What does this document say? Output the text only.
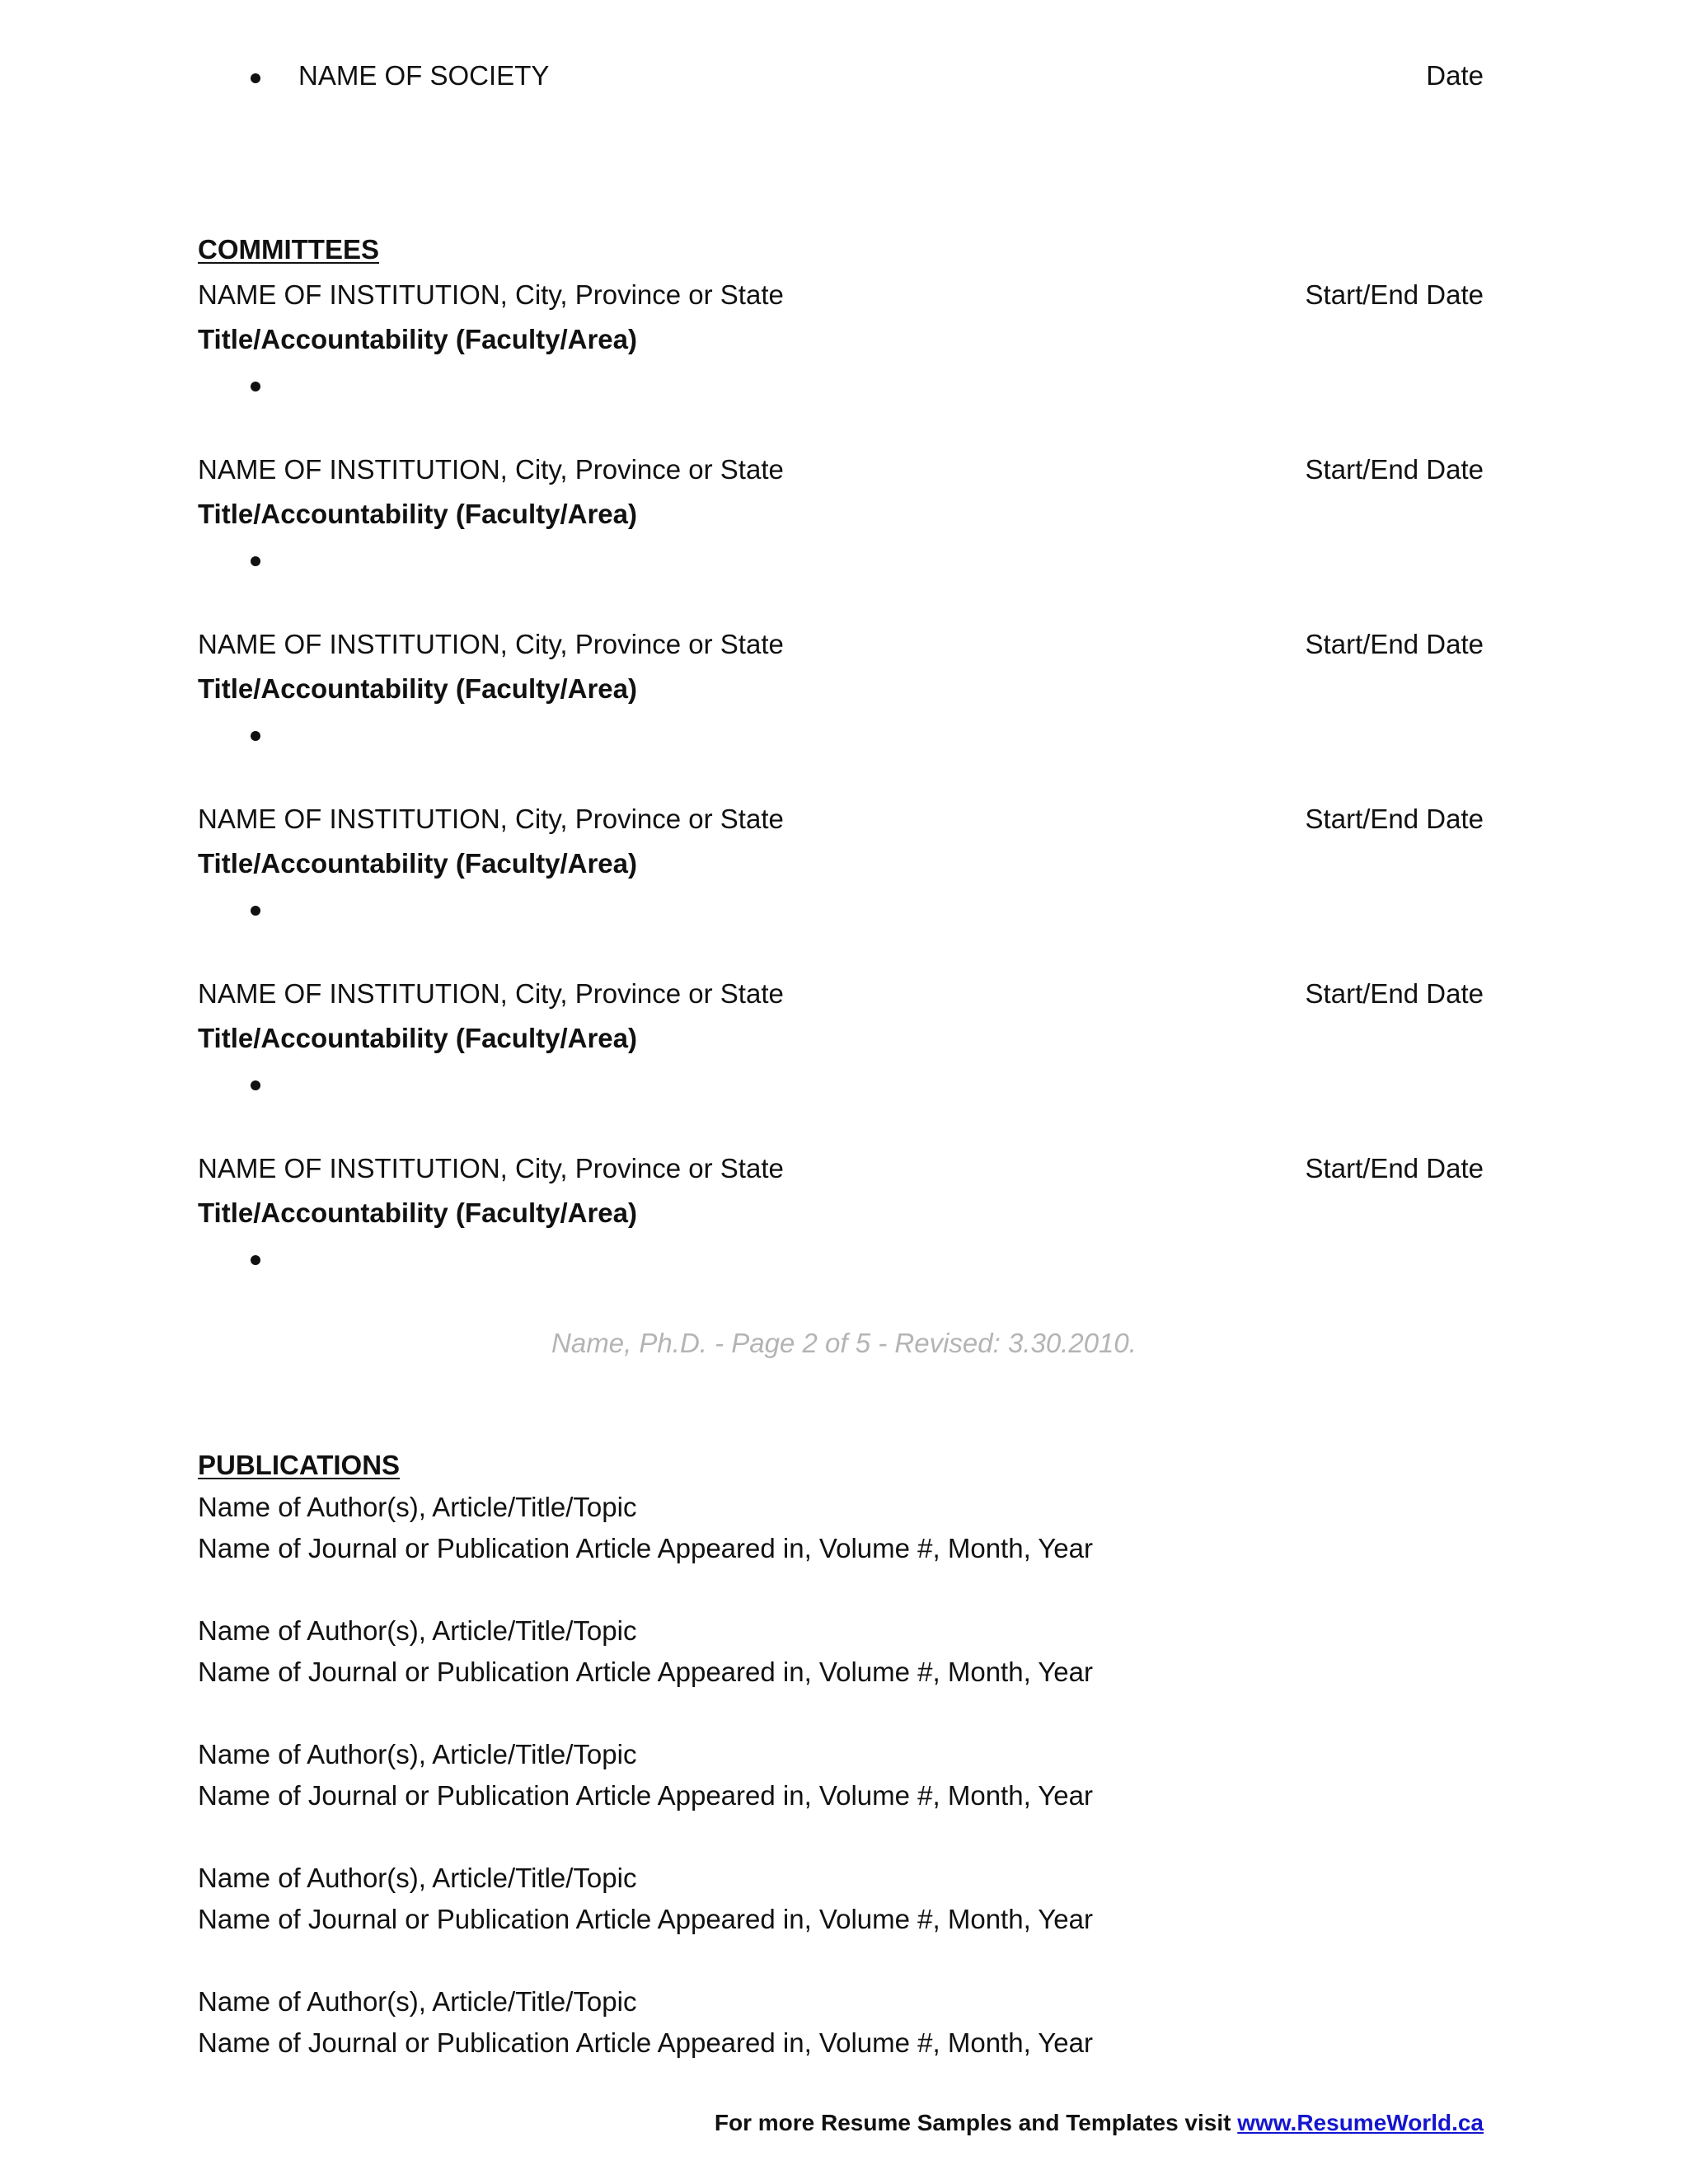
NAME OF SOCIETY	Date
COMMITTEES
NAME OF INSTITUTION, City, Province or State	Start/End Date
Title/Accountability (Faculty/Area)
NAME OF INSTITUTION, City, Province or State	Start/End Date
Title/Accountability (Faculty/Area)
NAME OF INSTITUTION, City, Province or State	Start/End Date
Title/Accountability (Faculty/Area)
NAME OF INSTITUTION, City, Province or State	Start/End Date
Title/Accountability (Faculty/Area)
NAME OF INSTITUTION, City, Province or State	Start/End Date
Title/Accountability (Faculty/Area)
NAME OF INSTITUTION, City, Province or State	Start/End Date
Title/Accountability (Faculty/Area)
Name, Ph.D. - Page 2 of 5 - Revised: 3.30.2010.
PUBLICATIONS
Name of Author(s), Article/Title/Topic
Name of Journal or Publication Article Appeared in, Volume #, Month, Year
Name of Author(s), Article/Title/Topic
Name of Journal or Publication Article Appeared in, Volume #, Month, Year
Name of Author(s), Article/Title/Topic
Name of Journal or Publication Article Appeared in, Volume #, Month, Year
Name of Author(s), Article/Title/Topic
Name of Journal or Publication Article Appeared in, Volume #, Month, Year
Name of Author(s), Article/Title/Topic
Name of Journal or Publication Article Appeared in, Volume #, Month, Year
For more Resume Samples and Templates visit www.ResumeWorld.ca
